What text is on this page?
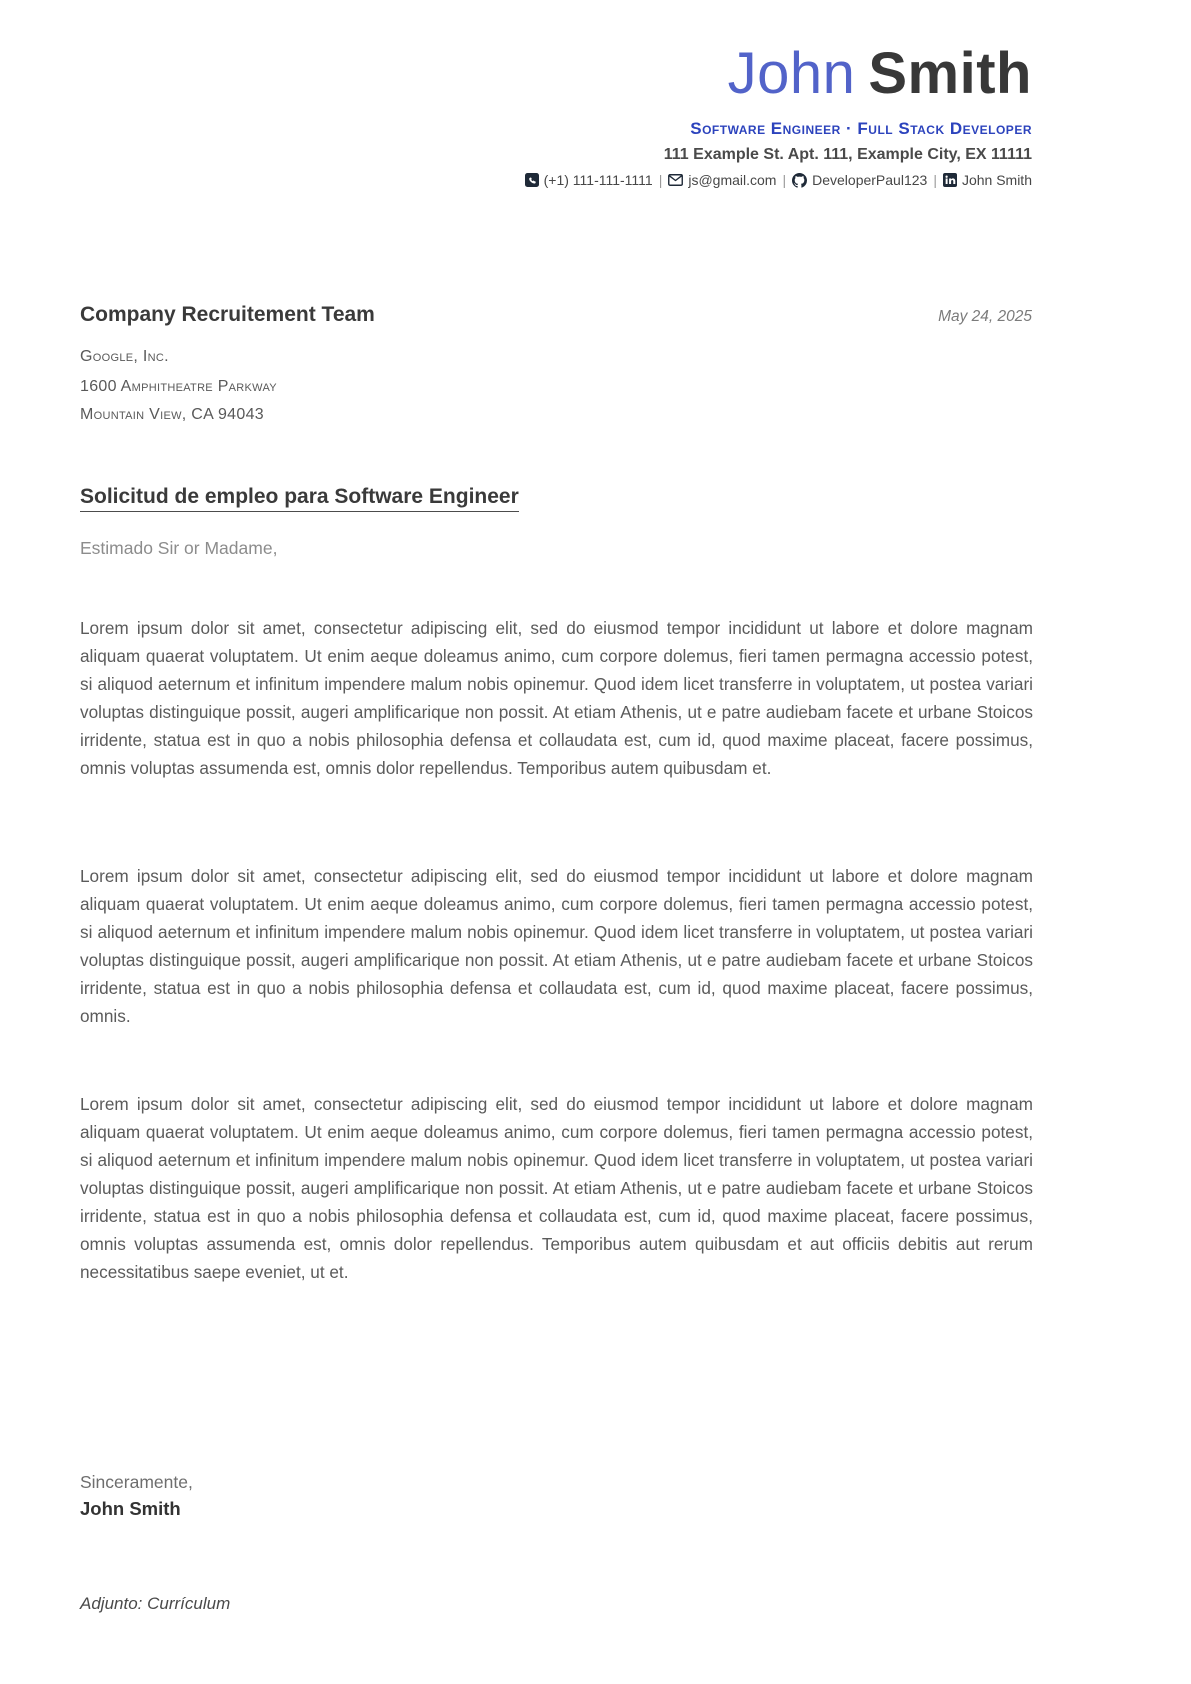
John Smith
Software Engineer · Full Stack Developer
111 Example St. Apt. 111, Example City, EX 11111
(+1) 111-111-1111 | js@gmail.com | DeveloperPaul123 | John Smith
Company Recruitement Team	May 24, 2025
Google, Inc.
1600 Amphitheatre Parkway
Mountain View, CA 94043
Solicitud de empleo para Software Engineer
Estimado Sir or Madame,

Lorem ipsum dolor sit amet, consectetur adipiscing elit, sed do eiusmod tempor incididunt ut labore et dolore magnam aliquam quaerat voluptatem. Ut enim aeque doleamus animo, cum corpore dolemus, fieri tamen permagna accessio potest, si aliquod aeternum et infinitum impendere malum nobis opinemur. Quod idem licet transferre in voluptatem, ut postea variari voluptas distinguique possit, augeri amplificarique non possit. At etiam Athenis, ut e patre audiebam facete et urbane Stoicos irridente, statua est in quo a nobis philosophia defensa et collaudata est, cum id, quod maxime placeat, facere possimus, omnis voluptas assumenda est, omnis dolor repellendus. Temporibus autem quibusdam et.

Lorem ipsum dolor sit amet, consectetur adipiscing elit, sed do eiusmod tempor incididunt ut labore et dolore magnam aliquam quaerat voluptatem. Ut enim aeque doleamus animo, cum corpore dolemus, fieri tamen permagna accessio potest, si aliquod aeternum et infinitum impendere malum nobis opinemur. Quod idem licet transferre in voluptatem, ut postea variari voluptas distinguique possit, augeri amplificarique non possit. At etiam Athenis, ut e patre audiebam facete et urbane Stoicos irridente, statua est in quo a nobis philosophia defensa et collaudata est, cum id, quod maxime placeat, facere possimus, omnis.

Lorem ipsum dolor sit amet, consectetur adipiscing elit, sed do eiusmod tempor incididunt ut labore et dolore magnam aliquam quaerat voluptatem. Ut enim aeque doleamus animo, cum corpore dolemus, fieri tamen permagna accessio potest, si aliquod aeternum et infinitum impendere malum nobis opinemur. Quod idem licet transferre in voluptatem, ut postea variari voluptas distinguique possit, augeri amplificarique non possit. At etiam Athenis, ut e patre audiebam facete et urbane Stoicos irridente, statua est in quo a nobis philosophia defensa et collaudata est, cum id, quod maxime placeat, facere possimus, omnis voluptas assumenda est, omnis dolor repellendus. Temporibus autem quibusdam et aut officiis debitis aut rerum necessitatibus saepe eveniet, ut et.

Sinceramente,
John Smith
Adjunto: Currículum
